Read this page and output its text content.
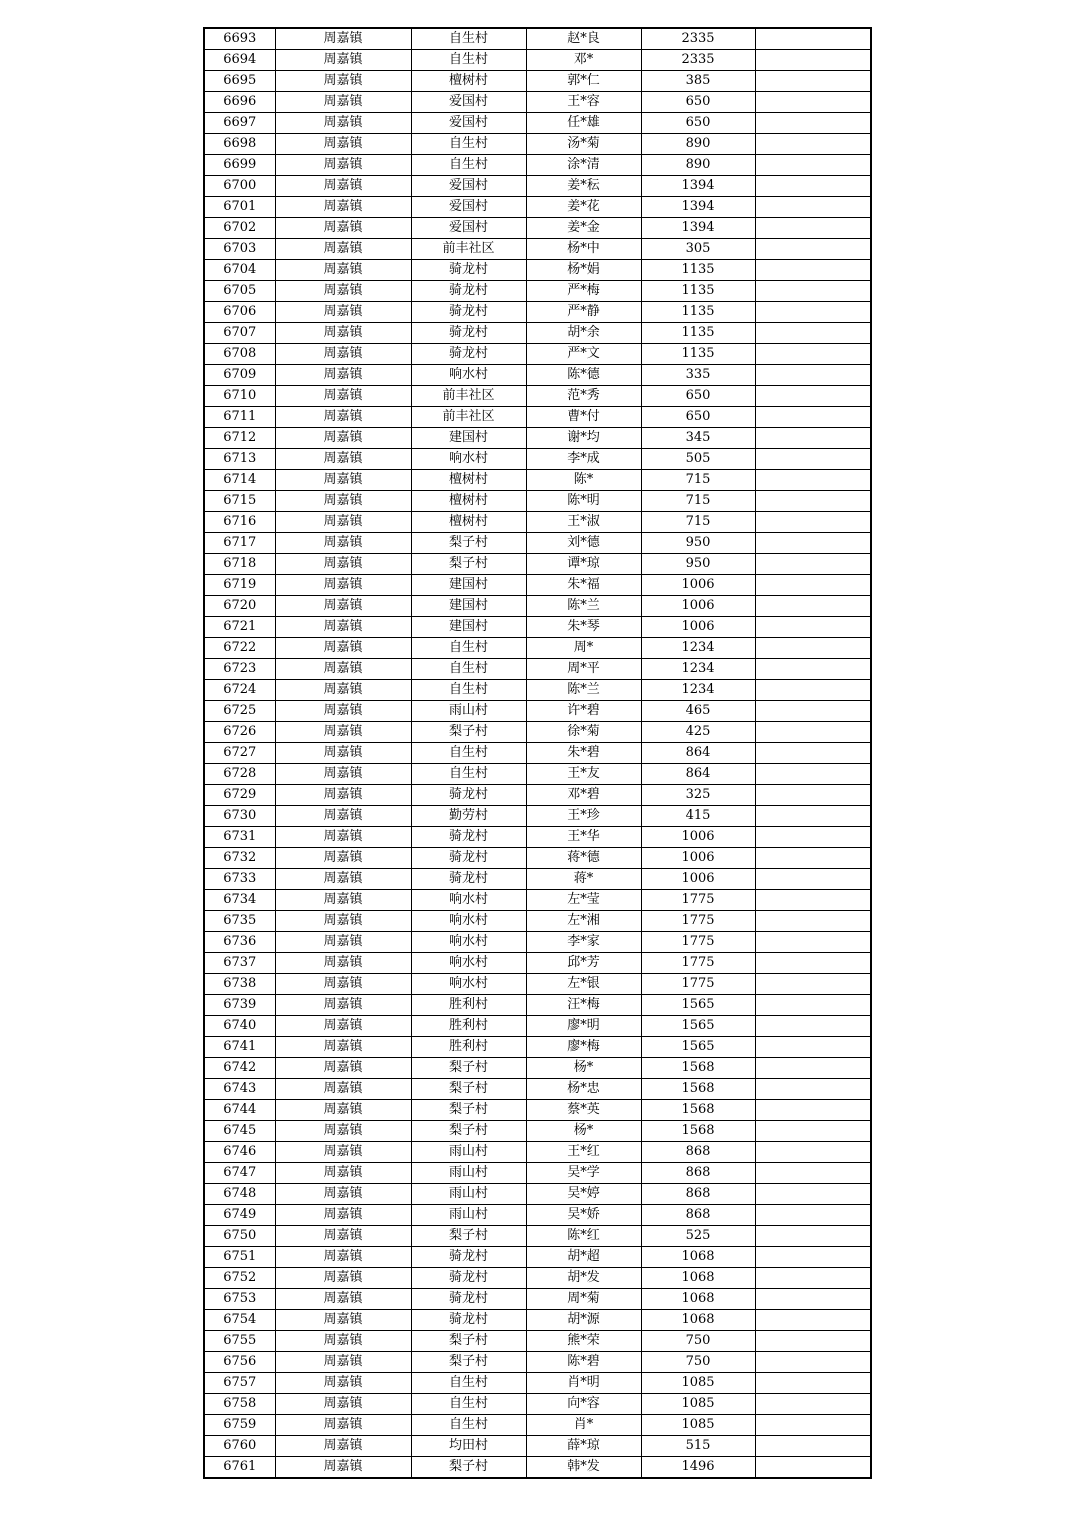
6693	周嘉镇	自生村	赵*良	2335	
6694	周嘉镇	自生村	邓*	2335	
6695	周嘉镇	檀树村	郭*仁	385	
6696	周嘉镇	爱国村	王*容	650	
6697	周嘉镇	爱国村	任*雄	650	
6698	周嘉镇	自生村	汤*菊	890	
6699	周嘉镇	自生村	涂*清	890	
6700	周嘉镇	爱国村	姜*秐	1394	
6701	周嘉镇	爱国村	姜*花	1394	
6702	周嘉镇	爱国村	姜*金	1394	
6703	周嘉镇	前丰社区	杨*中	305	
6704	周嘉镇	骑龙村	杨*娟	1135	
6705	周嘉镇	骑龙村	严*梅	1135	
6706	周嘉镇	骑龙村	严*静	1135	
6707	周嘉镇	骑龙村	胡*余	1135	
6708	周嘉镇	骑龙村	严*文	1135	
6709	周嘉镇	响水村	陈*德	335	
6710	周嘉镇	前丰社区	范*秀	650	
6711	周嘉镇	前丰社区	曹*付	650	
6712	周嘉镇	建国村	谢*均	345	
6713	周嘉镇	响水村	李*成	505	
6714	周嘉镇	檀树村	陈*	715	
6715	周嘉镇	檀树村	陈*明	715	
6716	周嘉镇	檀树村	王*淑	715	
6717	周嘉镇	梨子村	刘*德	950	
6718	周嘉镇	梨子村	谭*琼	950	
6719	周嘉镇	建国村	朱*福	1006	
6720	周嘉镇	建国村	陈*兰	1006	
6721	周嘉镇	建国村	朱*琴	1006	
6722	周嘉镇	自生村	周*	1234	
6723	周嘉镇	自生村	周*平	1234	
6724	周嘉镇	自生村	陈*兰	1234	
6725	周嘉镇	雨山村	许*碧	465	
6726	周嘉镇	梨子村	徐*菊	425	
6727	周嘉镇	自生村	朱*碧	864	
6728	周嘉镇	自生村	王*友	864	
6729	周嘉镇	骑龙村	邓*碧	325	
6730	周嘉镇	勤劳村	王*珍	415	
6731	周嘉镇	骑龙村	王*华	1006	
6732	周嘉镇	骑龙村	蒋*德	1006	
6733	周嘉镇	骑龙村	蒋*	1006	
6734	周嘉镇	响水村	左*莹	1775	
6735	周嘉镇	响水村	左*湘	1775	
6736	周嘉镇	响水村	李*家	1775	
6737	周嘉镇	响水村	邱*芳	1775	
6738	周嘉镇	响水村	左*银	1775	
6739	周嘉镇	胜利村	汪*梅	1565	
6740	周嘉镇	胜利村	廖*明	1565	
6741	周嘉镇	胜利村	廖*梅	1565	
6742	周嘉镇	梨子村	杨*	1568	
6743	周嘉镇	梨子村	杨*忠	1568	
6744	周嘉镇	梨子村	蔡*英	1568	
6745	周嘉镇	梨子村	杨*	1568	
6746	周嘉镇	雨山村	王*红	868	
6747	周嘉镇	雨山村	吴*学	868	
6748	周嘉镇	雨山村	吴*婷	868	
6749	周嘉镇	雨山村	吴*娇	868	
6750	周嘉镇	梨子村	陈*红	525	
6751	周嘉镇	骑龙村	胡*超	1068	
6752	周嘉镇	骑龙村	胡*发	1068	
6753	周嘉镇	骑龙村	周*菊	1068	
6754	周嘉镇	骑龙村	胡*源	1068	
6755	周嘉镇	梨子村	熊*荣	750	
6756	周嘉镇	梨子村	陈*碧	750	
6757	周嘉镇	自生村	肖*明	1085	
6758	周嘉镇	自生村	向*容	1085	
6759	周嘉镇	自生村	肖*	1085	
6760	周嘉镇	均田村	薛*琼	515	
6761	周嘉镇	梨子村	韩*发	1496	
